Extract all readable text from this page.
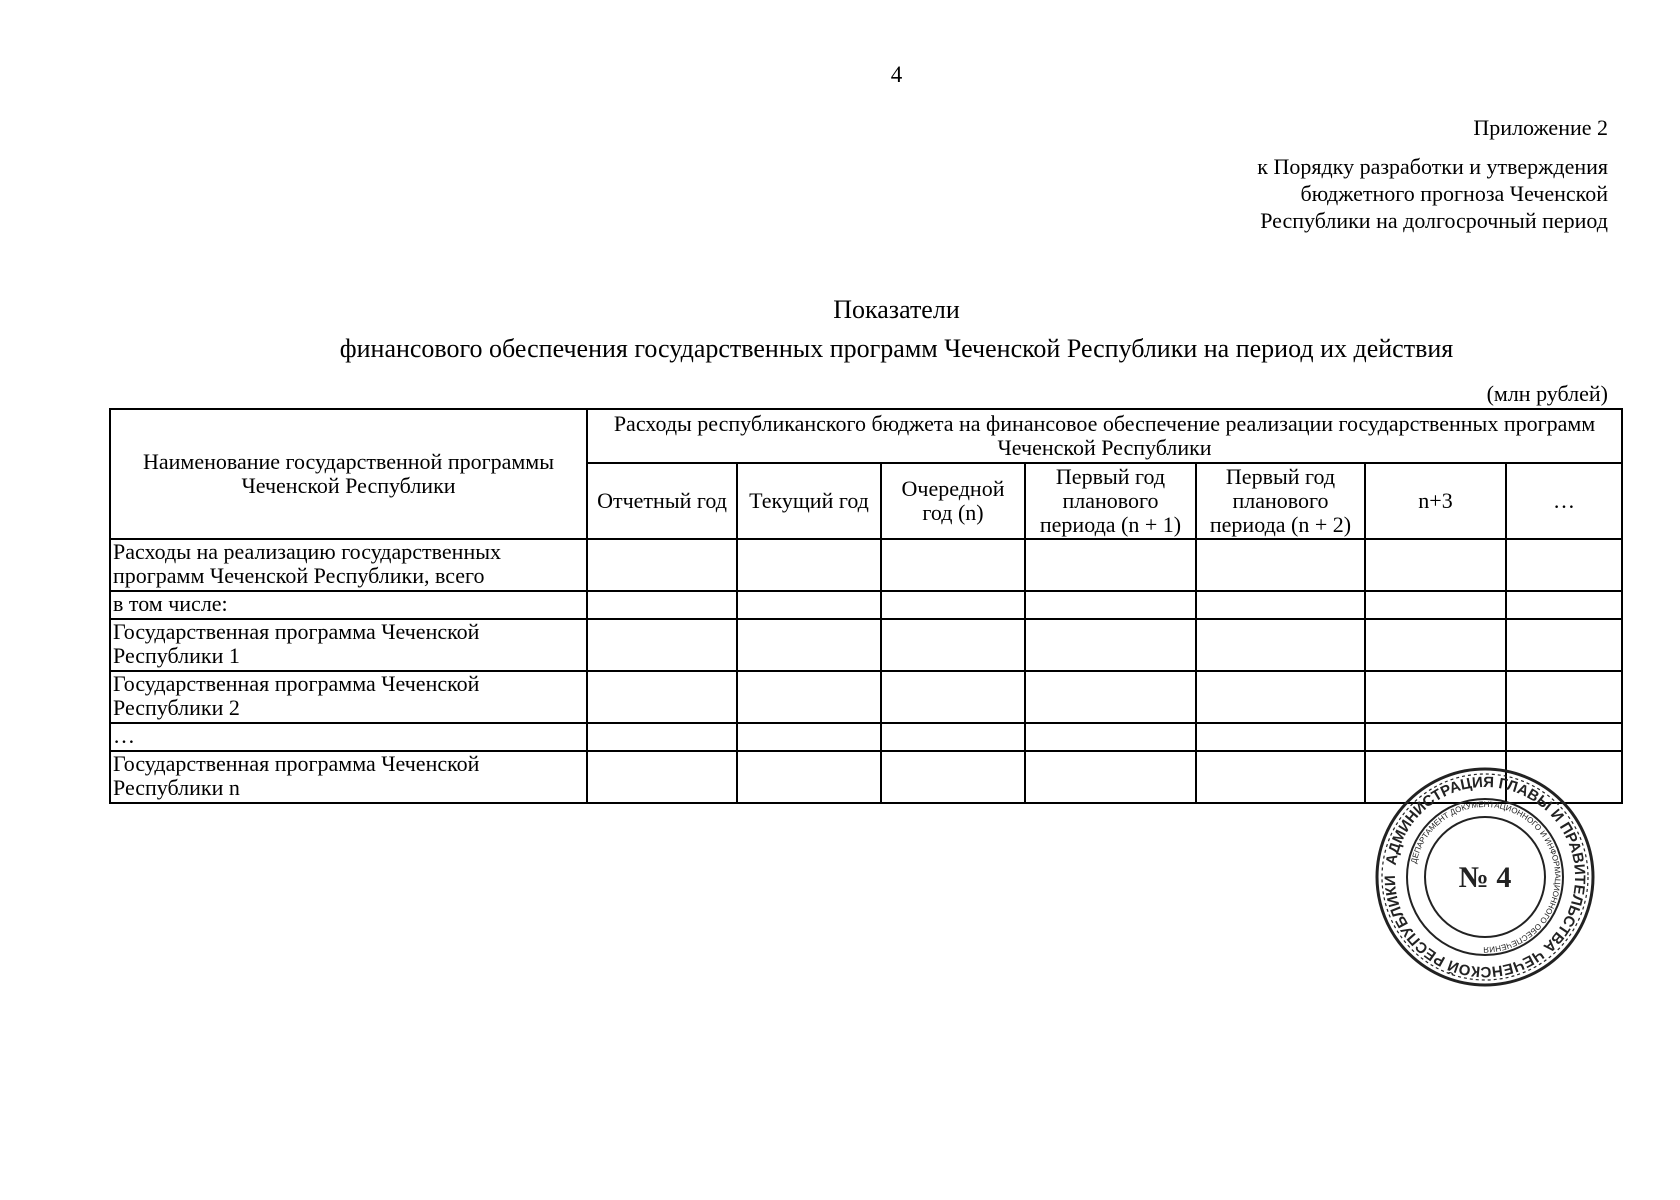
4
Приложение 2
к Порядку разработки и утверждения
бюджетного прогноза Чеченской
Республики на долгосрочный период
Показатели
финансового обеспечения государственных программ Чеченской Республики на период их действия
(млн рублей)
Наименование государственной программы Чеченской Республики	Расходы республиканского бюджета на финансовое обеспечение реализации государственных программ Чеченской Республики						
	Отчетный год	Текущий год	Очередной год (n)	Первый год планового периода (n + 1)	Первый год планового периода (n + 2)	n+3	…
Расходы на реализацию государственных программ Чеченской Республики, всего							
в том числе:							
Государственная программа Чеченской Республики 1							
Государственная программа Чеченской Республики 2							
…							
Государственная программа Чеченской Республики n							
АДМИНИСТРАЦИЯ ГЛАВЫ И ПРАВИТЕЛЬСТВА ЧЕЧЕНСКОЙ РЕСПУБЛИКИ
ДЕПАРТАМЕНТ ДОКУМЕНТАЦИОННОГО И ИНФОРМАЦИОННОГО ОБЕСПЕЧЕНИЯ
№ 4
